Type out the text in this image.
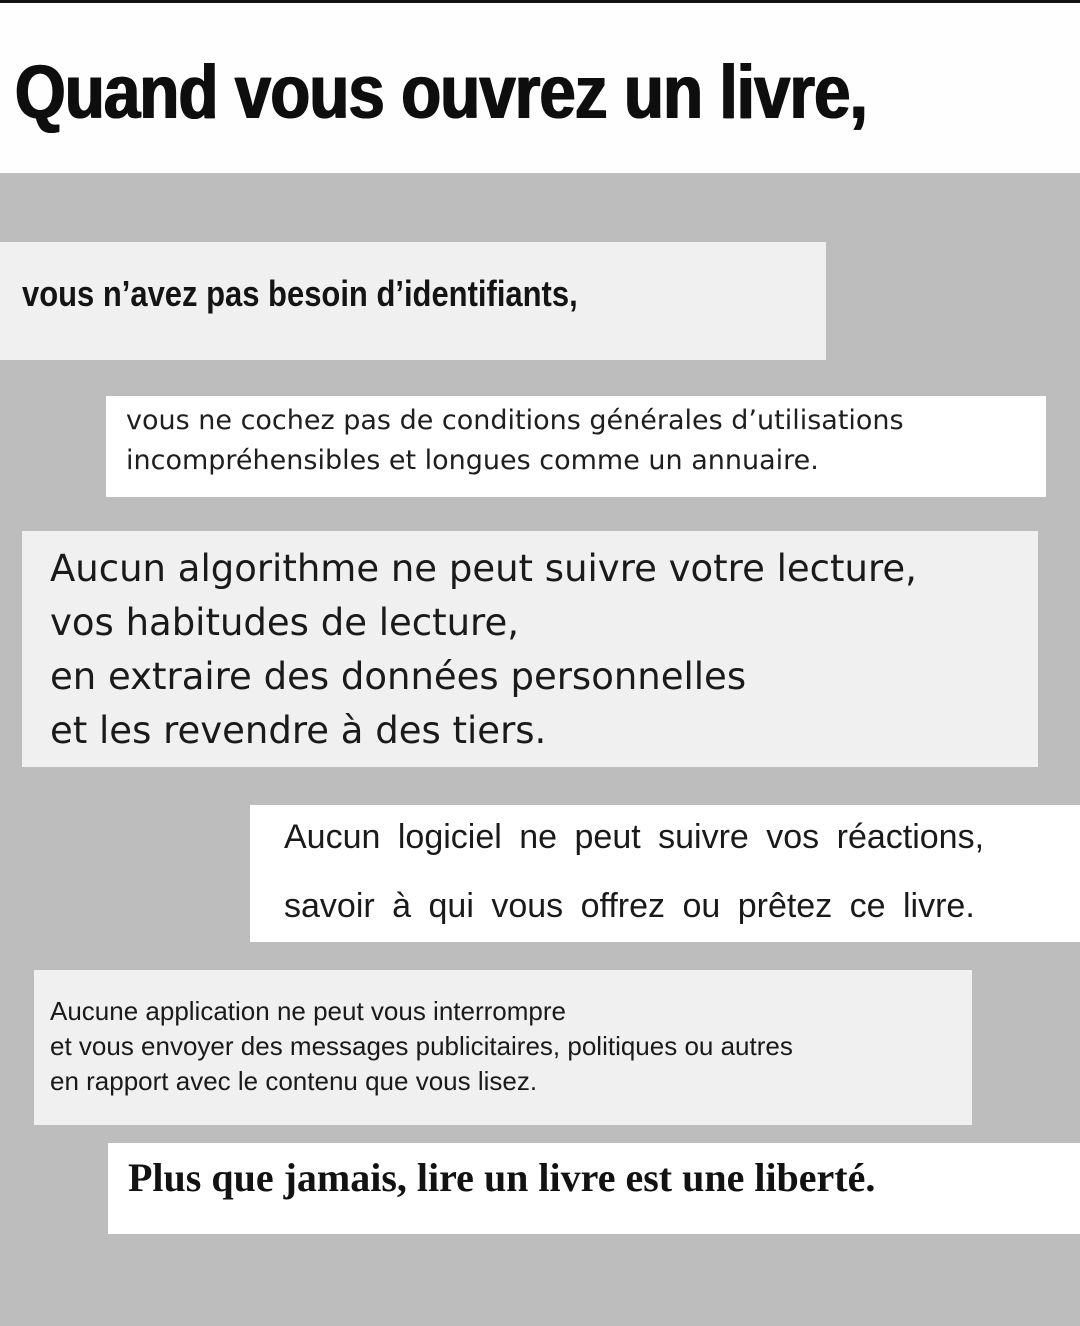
Quand vous ouvrez un livre,

vous n’avez pas besoin d’identifiants,

vous ne cochez pas de conditions générales d’utilisations

incompréhensibles et longues comme un annuaire.

Aucun algorithme ne peut suivre votre lecture,

vos habitudes de lecture,

en extraire des données personnelles

et les revendre à des tiers.

Aucun logiciel ne peut suivre vos réactions,

savoir à qui vous offrez ou prêtez ce livre.

Aucune application ne peut vous interrompre

et vous envoyer des messages publicitaires, politiques ou autres

en rapport avec le contenu que vous lisez.

Plus que jamais, lire un livre est une liberté.
